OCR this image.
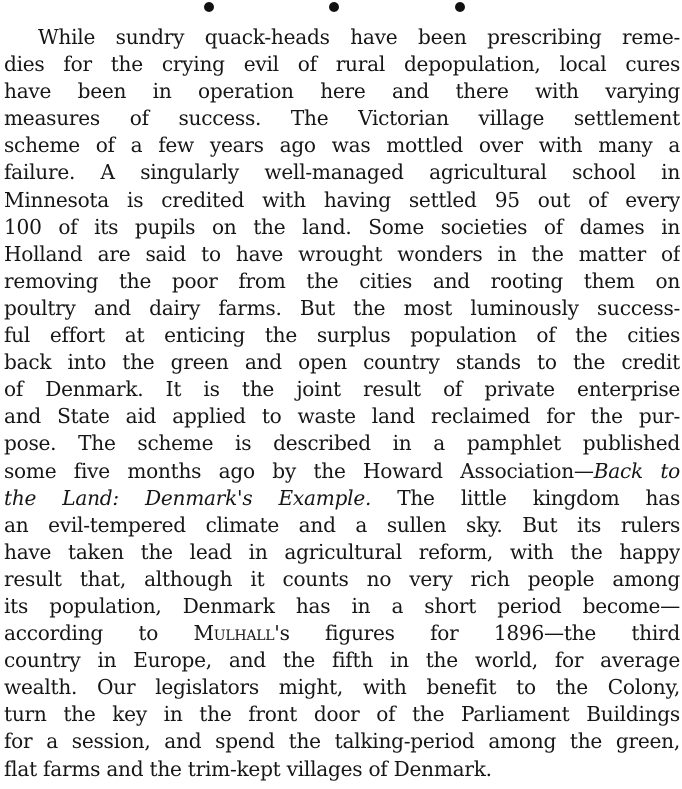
While sundry quack-heads have been prescribing reme-
dies for the crying evil of rural depopulation, local cures
have been in operation here and there with varying
measures of success. The Victorian village settlement
scheme of a few years ago was mottled over with many a
failure. A singularly well-managed agricultural school in
Minnesota is credited with having settled 95 out of every
100 of its pupils on the land. Some societies of dames in
Holland are said to have wrought wonders in the matter of
removing the poor from the cities and rooting them on
poultry and dairy farms. But the most luminously success-
ful effort at enticing the surplus population of the cities
back into the green and open country stands to the credit
of Denmark. It is the joint result of private enterprise
and State aid applied to waste land reclaimed for the pur-
pose. The scheme is described in a pamphlet published
some five months ago by the Howard Association—Back to
the Land: Denmark's Example. The little kingdom has
an evil-tempered climate and a sullen sky. But its rulers
have taken the lead in agricultural reform, with the happy
result that, although it counts no very rich people among
its population, Denmark has in a short period become—
according to Mulhall's figures for 1896—the third
country in Europe, and the fifth in the world, for average
wealth. Our legislators might, with benefit to the Colony,
turn the key in the front door of the Parliament Buildings
for a session, and spend the talking-period among the green,
flat farms and the trim-kept villages of Denmark.
